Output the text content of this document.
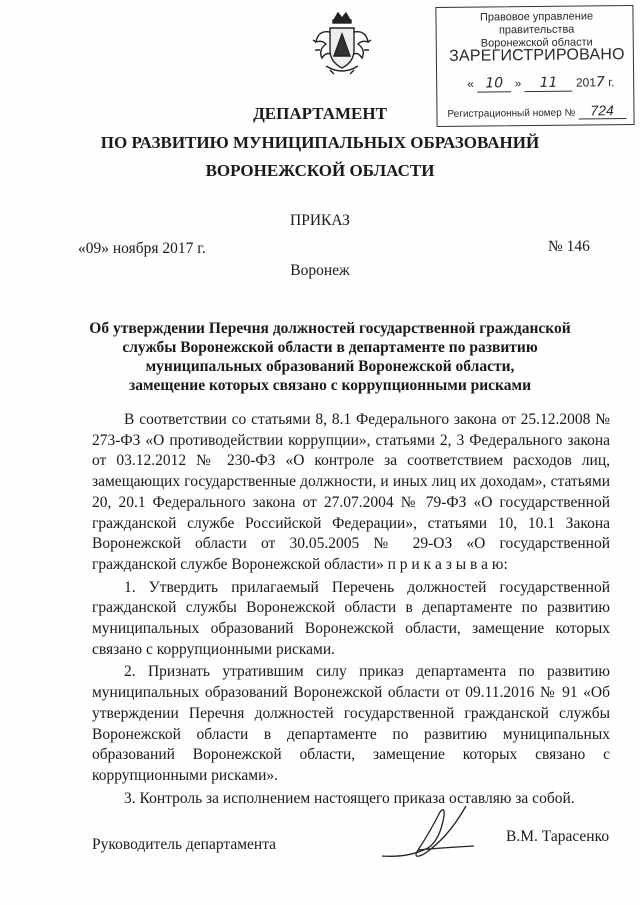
Правовое управление правительства
Воронежской области
ЗАРЕГИСТРИРОВАНО
« 10 » 11 2017 г.
Регистрационный номер № 724
ДЕПАРТАМЕНТ
ПО РАЗВИТИЮ МУНИЦИПАЛЬНЫХ ОБРАЗОВАНИЙ
ВОРОНЕЖСКОЙ ОБЛАСТИ
ПРИКАЗ
«09» ноября 2017 г.	№ 146
Воронеж
Об утверждении Перечня должностей государственной гражданской
службы Воронежской области в департаменте по развитию
муниципальных образований Воронежской области,
замещение которых связано с коррупционными рисками

В соответствии со статьями 8, 8.1 Федерального закона от 25.12.2008 № 273-ФЗ «О противодействии коррупции», статьями 2, 3 Федерального закона от 03.12.2012 № 230-ФЗ «О контроле за соответствием расходов лиц, замещающих государственные должности, и иных лиц их доходам», статьями 20, 20.1 Федерального закона от 27.07.2004 № 79-ФЗ «О государственной гражданской службе Российской Федерации», статьями 10, 10.1 Закона Воронежской области от 30.05.2005 № 29-ОЗ «О государственной гражданской службе Воронежской области» п р и к а з ы в а ю:

1. Утвердить прилагаемый Перечень должностей государственной гражданской службы Воронежской области в департаменте по развитию муниципальных образований Воронежской области, замещение которых связано с коррупционными рисками.

2. Признать утратившим силу приказ департамента по развитию муниципальных образований Воронежской области от 09.11.2016 № 91 «Об утверждении Перечня должностей государственной гражданской службы Воронежской области в департаменте по развитию муниципальных образований Воронежской области, замещение которых связано с коррупционными рисками».

3. Контроль за исполнением настоящего приказа оставляю за собой.

Руководитель департамента	В.М. Тарасенко
